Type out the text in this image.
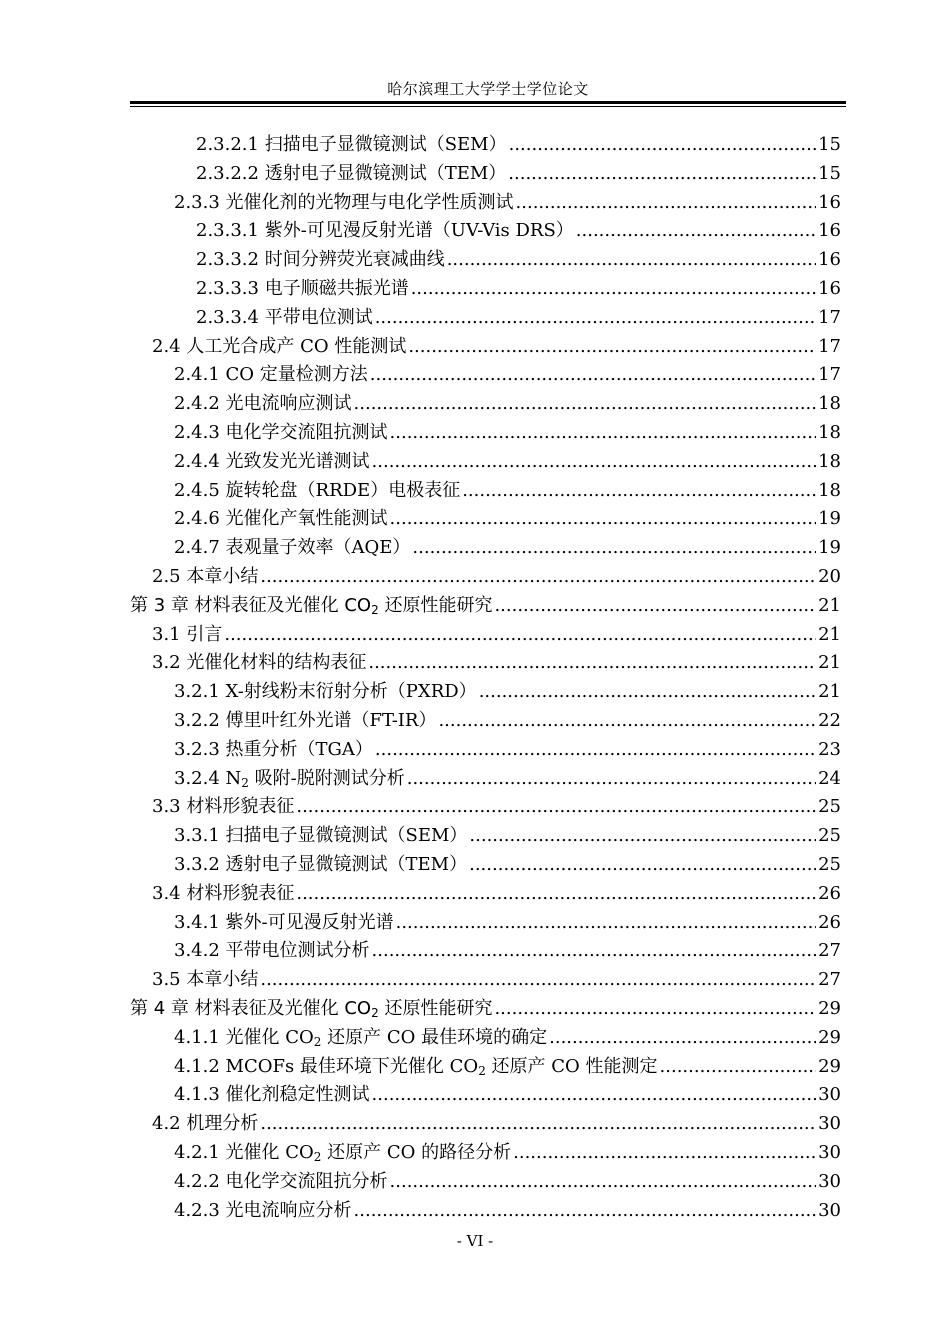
哈尔滨理工大学学士学位论文
2.3.2.1 扫描电子显微镜测试（SEM） .....	15
2.3.2.2 透射电子显微镜测试（TEM） .....	15
2.3.3 光催化剂的光物理与电化学性质测试 .....	16
2.3.3.1 紫外-可见漫反射光谱（UV-Vis DRS） .....	16
2.3.3.2 时间分辨荧光衰减曲线 .....	16
2.3.3.3 电子顺磁共振光谱 .....	16
2.3.3.4 平带电位测试 .....	17
2.4 人工光合成产 CO 性能测试 .....	17
2.4.1 CO 定量检测方法 .....	17
2.4.2 光电流响应测试 .....	18
2.4.3 电化学交流阻抗测试 .....	18
2.4.4 光致发光光谱测试 .....	18
2.4.5 旋转轮盘（RRDE）电极表征 .....	18
2.4.6 光催化产氧性能测试 .....	19
2.4.7 表观量子效率（AQE） .....	19
2.5 本章小结 .....	20
第 3 章 材料表征及光催化 $CO_2$ 还原性能研究 .....	21
3.1 引言 .....	21
3.2 光催化材料的结构表征 .....	21
3.2.1 X-射线粉末衍射分析（PXRD） .....	21
3.2.2 傅里叶红外光谱（FT-IR） .....	22
3.2.3 热重分析（TGA） .....	23
3.2.4 $N_2$ 吸附-脱附测试分析 .....	24
3.3 材料形貌表征 .....	25
3.3.1 扫描电子显微镜测试（SEM） .....	25
3.3.2 透射电子显微镜测试（TEM） .....	25
3.4 材料形貌表征 .....	26
3.4.1 紫外-可见漫反射光谱 .....	26
3.4.2 平带电位测试分析 .....	27
3.5 本章小结 .....	27
第 4 章 材料表征及光催化 $CO_2$ 还原性能研究 .....	29
4.1.1 光催化 $CO_2$ 还原产 CO 最佳环境的确定 .....	29
4.1.2 MCOFs 最佳环境下光催化 $CO_2$ 还原产 CO 性能测定 .....	29
4.1.3 催化剂稳定性测试 .....	30
4.2 机理分析 .....	30
4.2.1 光催化 $CO_2$ 还原产 CO 的路径分析 .....	30
4.2.2 电化学交流阻抗分析 .....	30
4.2.3 光电流响应分析 .....	30
- VI -
